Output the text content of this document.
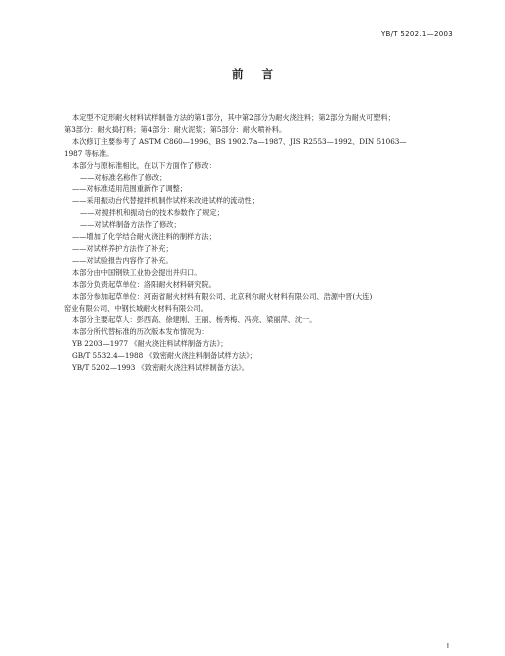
YB/T 5202.1—2003
前言

本定型不定形耐火材料试样制备方法的第1部分，其中第2部分为耐火浇注料；第2部分为耐火可塑料；

第3部分：耐火捣打料；第4部分：耐火泥浆；第5部分：耐火喷补料。

本次修订主要参考了 ASTM C860—1996、BS 1902.7a—1987、JIS R2553—1992、DIN 51063—

1987 等标准。

本部分与原标准相比，在以下方面作了修改：

——对标准名称作了修改；

——对标准适用范围重新作了调整；

——采用振动台代替搅拌机制作试样来改进试样的流动性；

——对搅拌机和振动台的技术参数作了规定；

——对试样制备方法作了修改；

——增加了化学结合耐火浇注料的制样方法；

——对试样养护方法作了补充；

——对试验报告内容作了补充。

本部分由中国钢铁工业协会提出并归口。

本部分负责起草单位：洛阳耐火材料研究院。

本部分参加起草单位：河南省耐火材料有限公司、北京利尔耐火材料有限公司、浩源中晋(大连)

窑业有限公司、中钢长城耐火材料有限公司。

本部分主要起草人：彭西高、徐建刚、王丽、杨秀梅、冯亮、梁丽萍、沈一。

本部分所代替标准的历次版本发布情况为：

YB 2203—1977 《耐火浇注料试样制备方法》；

GB/T 5532.4—1988 《致密耐火浇注料制备试样方法》；

YB/T 5202—1993 《致密耐火浇注料试样制备方法》。

Ⅰ
